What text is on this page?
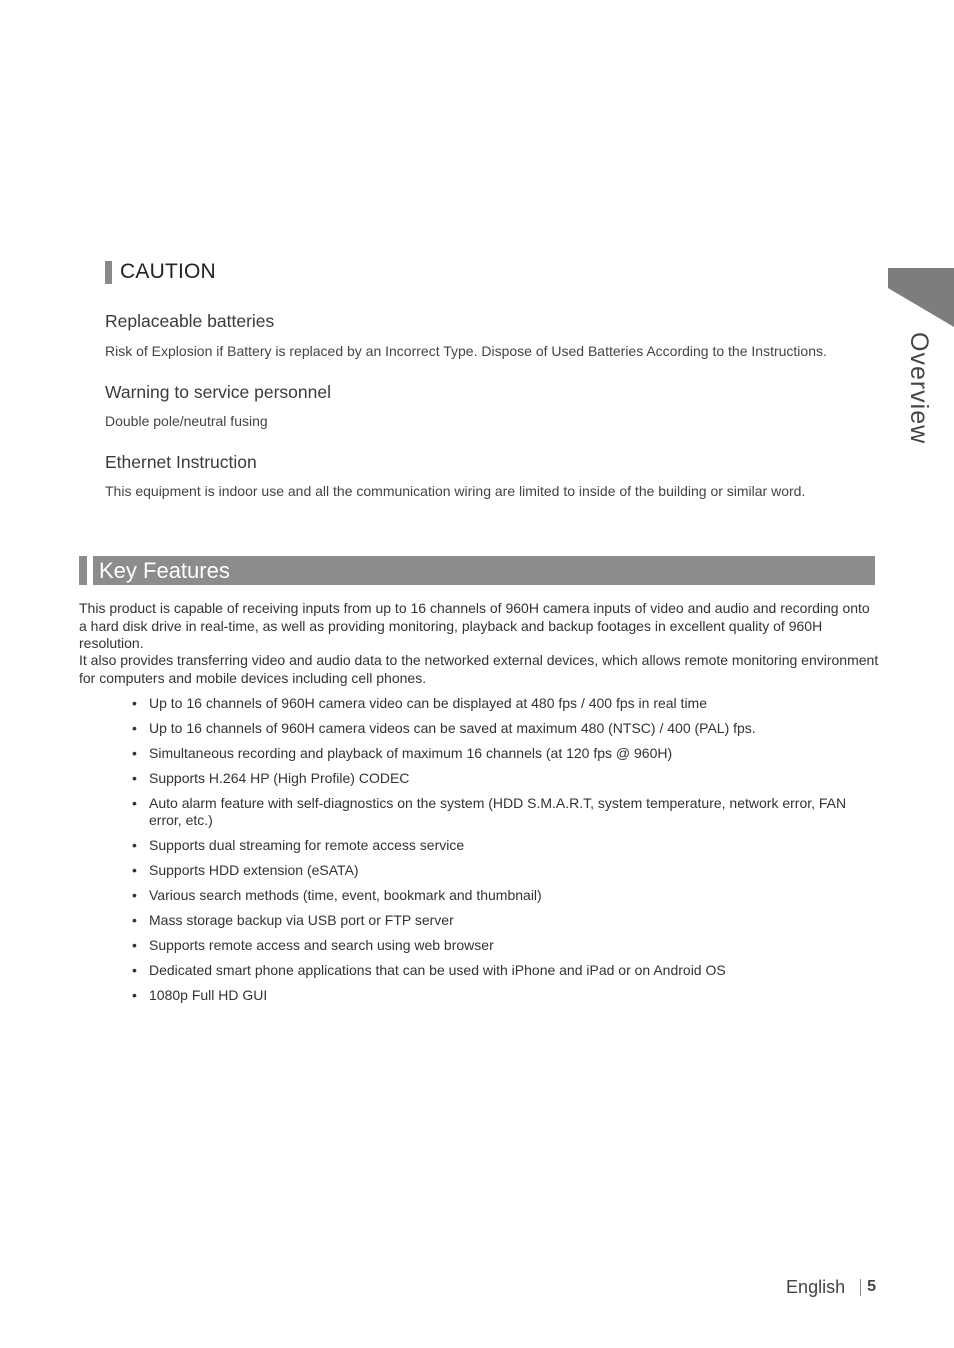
Overview
CAUTION
Replaceable batteries
Risk of Explosion if Battery is replaced by an Incorrect Type. Dispose of Used Batteries According to the Instructions.
Warning to service personnel
Double pole/neutral fusing
Ethernet Instruction
This equipment is indoor use and all the communication wiring are limited to inside of the building or similar word.
Key Features
This product is capable of receiving inputs from up to 16 channels of 960H camera inputs of video and audio and recording onto a hard disk drive in real-time, as well as providing monitoring, playback and backup footages in excellent quality of 960H resolution.
It also provides transferring video and audio data to the networked external devices, which allows remote monitoring environment for computers and mobile devices including cell phones.
• Up to 16 channels of 960H camera video can be displayed at 480 fps / 400 fps in real time
• Up to 16 channels of 960H camera videos can be saved at maximum 480 (NTSC) / 400 (PAL) fps.
• Simultaneous recording and playback of maximum 16 channels (at 120 fps @ 960H)
• Supports H.264 HP (High Profile) CODEC
• Auto alarm feature with self-diagnostics on the system (HDD S.M.A.R.T, system temperature, network error, FAN error, etc.)
• Supports dual streaming for remote access service
• Supports HDD extension (eSATA)
• Various search methods (time, event, bookmark and thumbnail)
• Mass storage backup via USB port or FTP server
• Supports remote access and search using web browser
• Dedicated smart phone applications that can be used with iPhone and iPad or on Android OS
• 1080p Full HD GUI
English 5
